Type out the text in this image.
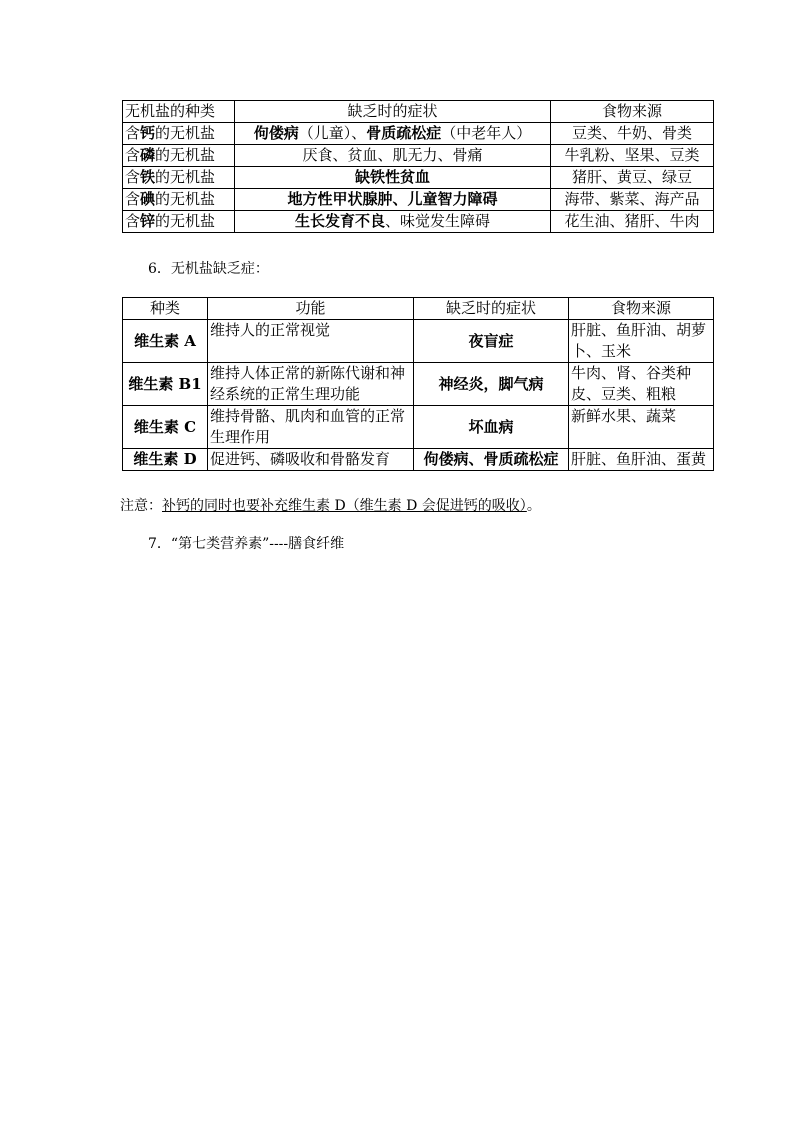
无机盐的种类	缺乏时的症状	食物来源
含钙的无机盐	佝偻病（儿童）、骨质疏松症（中老年人）	豆类、牛奶、骨类
含磷的无机盐	厌食、贫血、肌无力、骨痛	牛乳粉、坚果、豆类
含铁的无机盐	缺铁性贫血	猪肝、黄豆、绿豆
含碘的无机盐	地方性甲状腺肿、儿童智力障碍	海带、紫菜、海产品
含锌的无机盐	生长发育不良、味觉发生障碍	花生油、猪肝、牛肉
6．无机盐缺乏症：
种类	功能	缺乏时的症状	食物来源
维生素 A	维持人的正常视觉	夜盲症	肝脏、鱼肝油、胡萝卜、玉米
维生素 B1	维持人体正常的新陈代谢和神经系统的正常生理功能	神经炎，脚气病	牛肉、肾、谷类种皮、豆类、粗粮
维生素 C	维持骨骼、肌肉和血管的正常生理作用	坏血病	新鲜水果、蔬菜
维生素 D	促进钙、磷吸收和骨骼发育	佝偻病、骨质疏松症	肝脏、鱼肝油、蛋黄
注意：补钙的同时也要补充维生素 D（维生素 D 会促进钙的吸收）。
7．“第七类营养素”----膳食纤维
